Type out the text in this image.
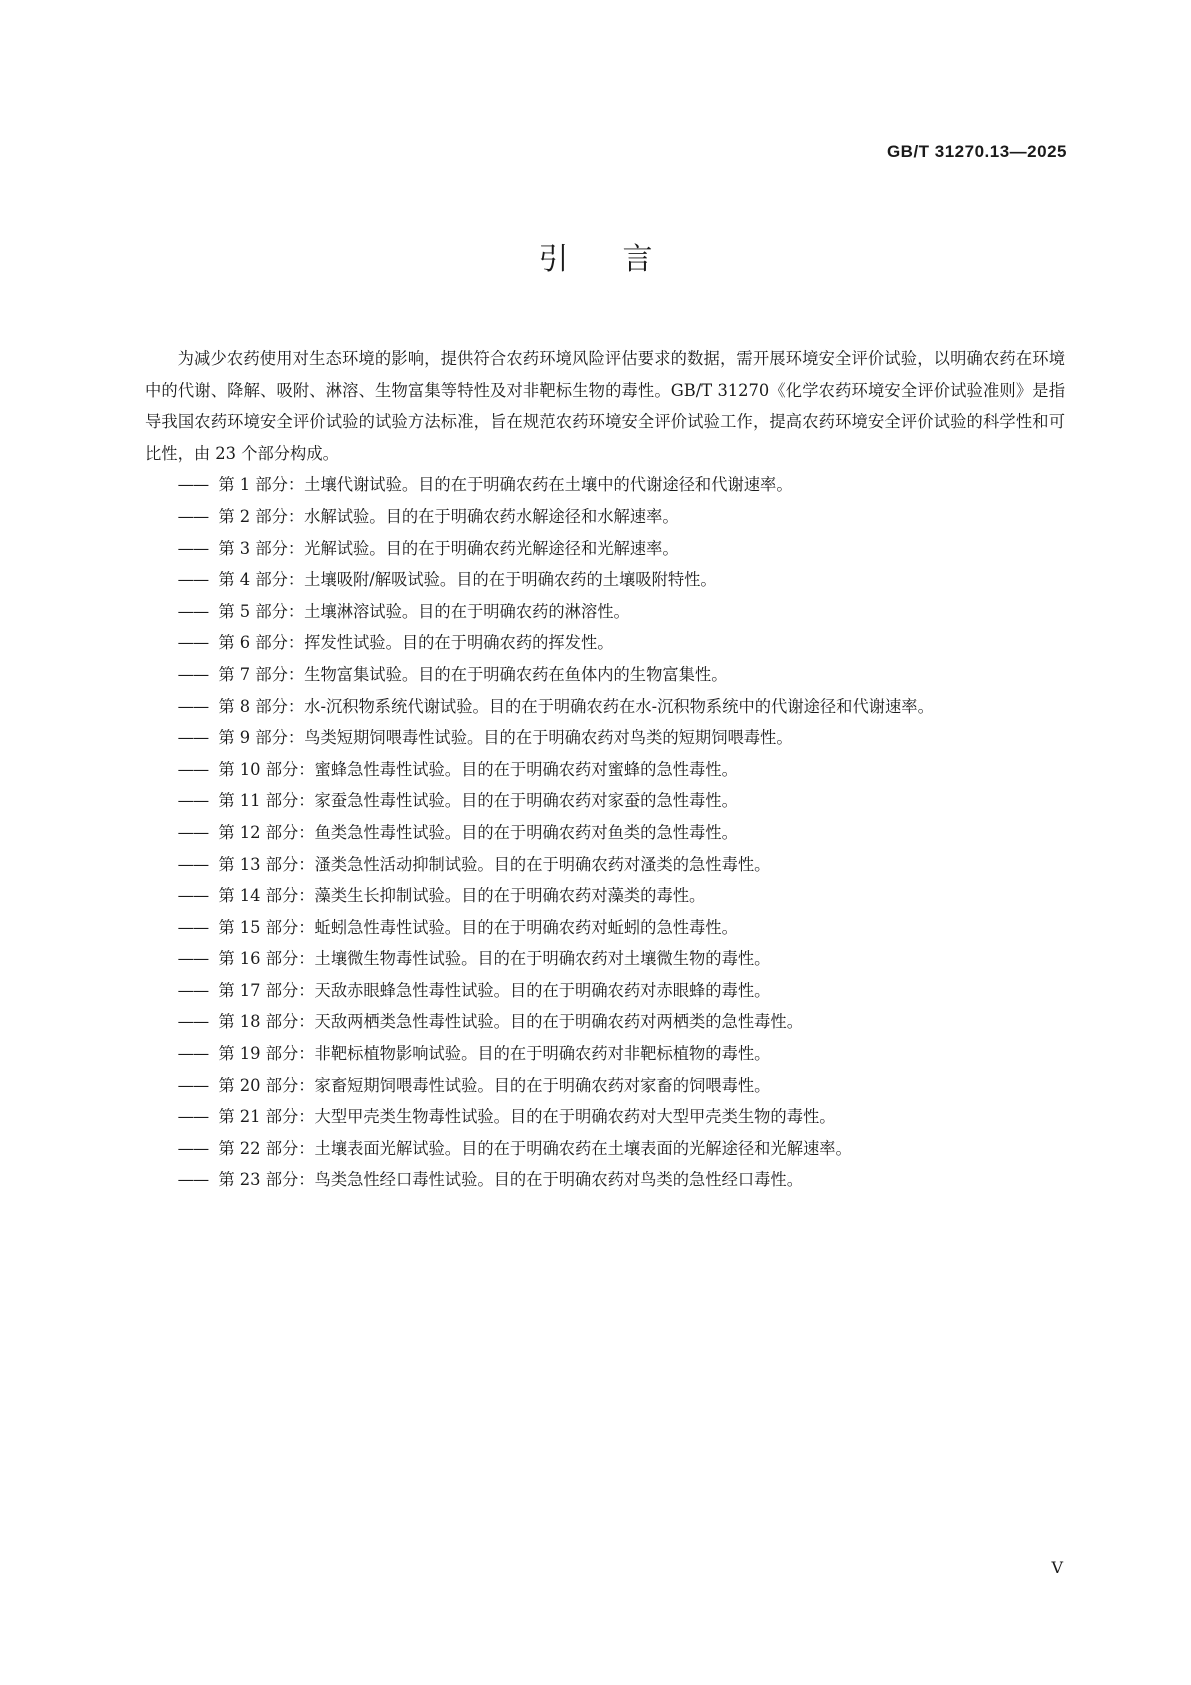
GB/T 31270.13—2025
引言

为减少农药使用对生态环境的影响，提供符合农药环境风险评估要求的数据，需开展环境安全评价试验，以明确农药在环境中的代谢、降解、吸附、淋溶、生物富集等特性及对非靶标生物的毒性。GB/T 31270《化学农药环境安全评价试验准则》是指导我国农药环境安全评价试验的试验方法标准，旨在规范农药环境安全评价试验工作，提高农药环境安全评价试验的科学性和可比性，由 23 个部分构成。

—— 第 1 部分：土壤代谢试验。目的在于明确农药在土壤中的代谢途径和代谢速率。
—— 第 2 部分：水解试验。目的在于明确农药水解途径和水解速率。
—— 第 3 部分：光解试验。目的在于明确农药光解途径和光解速率。
—— 第 4 部分：土壤吸附/解吸试验。目的在于明确农药的土壤吸附特性。
—— 第 5 部分：土壤淋溶试验。目的在于明确农药的淋溶性。
—— 第 6 部分：挥发性试验。目的在于明确农药的挥发性。
—— 第 7 部分：生物富集试验。目的在于明确农药在鱼体内的生物富集性。
—— 第 8 部分：水-沉积物系统代谢试验。目的在于明确农药在水-沉积物系统中的代谢途径和代谢速率。
—— 第 9 部分：鸟类短期饲喂毒性试验。目的在于明确农药对鸟类的短期饲喂毒性。
—— 第 10 部分：蜜蜂急性毒性试验。目的在于明确农药对蜜蜂的急性毒性。
—— 第 11 部分：家蚕急性毒性试验。目的在于明确农药对家蚕的急性毒性。
—— 第 12 部分：鱼类急性毒性试验。目的在于明确农药对鱼类的急性毒性。
—— 第 13 部分：溞类急性活动抑制试验。目的在于明确农药对溞类的急性毒性。
—— 第 14 部分：藻类生长抑制试验。目的在于明确农药对藻类的毒性。
—— 第 15 部分：蚯蚓急性毒性试验。目的在于明确农药对蚯蚓的急性毒性。
—— 第 16 部分：土壤微生物毒性试验。目的在于明确农药对土壤微生物的毒性。
—— 第 17 部分：天敌赤眼蜂急性毒性试验。目的在于明确农药对赤眼蜂的毒性。
—— 第 18 部分：天敌两栖类急性毒性试验。目的在于明确农药对两栖类的急性毒性。
—— 第 19 部分：非靶标植物影响试验。目的在于明确农药对非靶标植物的毒性。
—— 第 20 部分：家畜短期饲喂毒性试验。目的在于明确农药对家畜的饲喂毒性。
—— 第 21 部分：大型甲壳类生物毒性试验。目的在于明确农药对大型甲壳类生物的毒性。
—— 第 22 部分：土壤表面光解试验。目的在于明确农药在土壤表面的光解途径和光解速率。
—— 第 23 部分：鸟类急性经口毒性试验。目的在于明确农药对鸟类的急性经口毒性。
V
